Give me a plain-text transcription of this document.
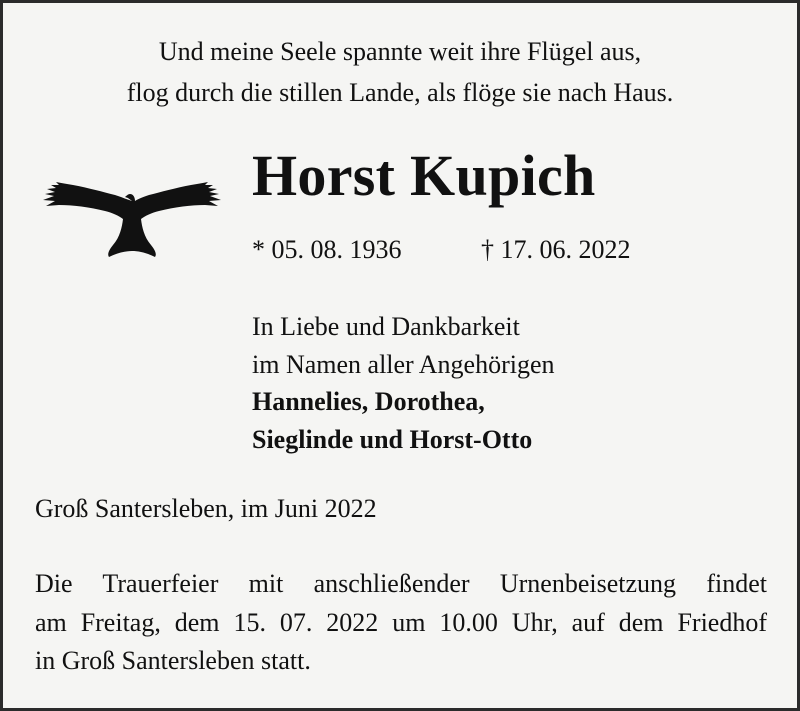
Und meine Seele spannte weit ihre Flügel aus,
flog durch die stillen Lande, als flöge sie nach Haus.
Horst Kupich
* 05. 08. 1936	† 17. 06. 2022
In Liebe und Dankbarkeit
im Namen aller Angehörigen
Hannelies, Dorothea,
Sieglinde und Horst-Otto
Groß Santersleben, im Juni 2022
Die Trauerfeier mit anschließender Urnenbeisetzung findet
am Freitag, dem 15. 07. 2022 um 10.00 Uhr, auf dem Friedhof
in Groß Santersleben statt.
